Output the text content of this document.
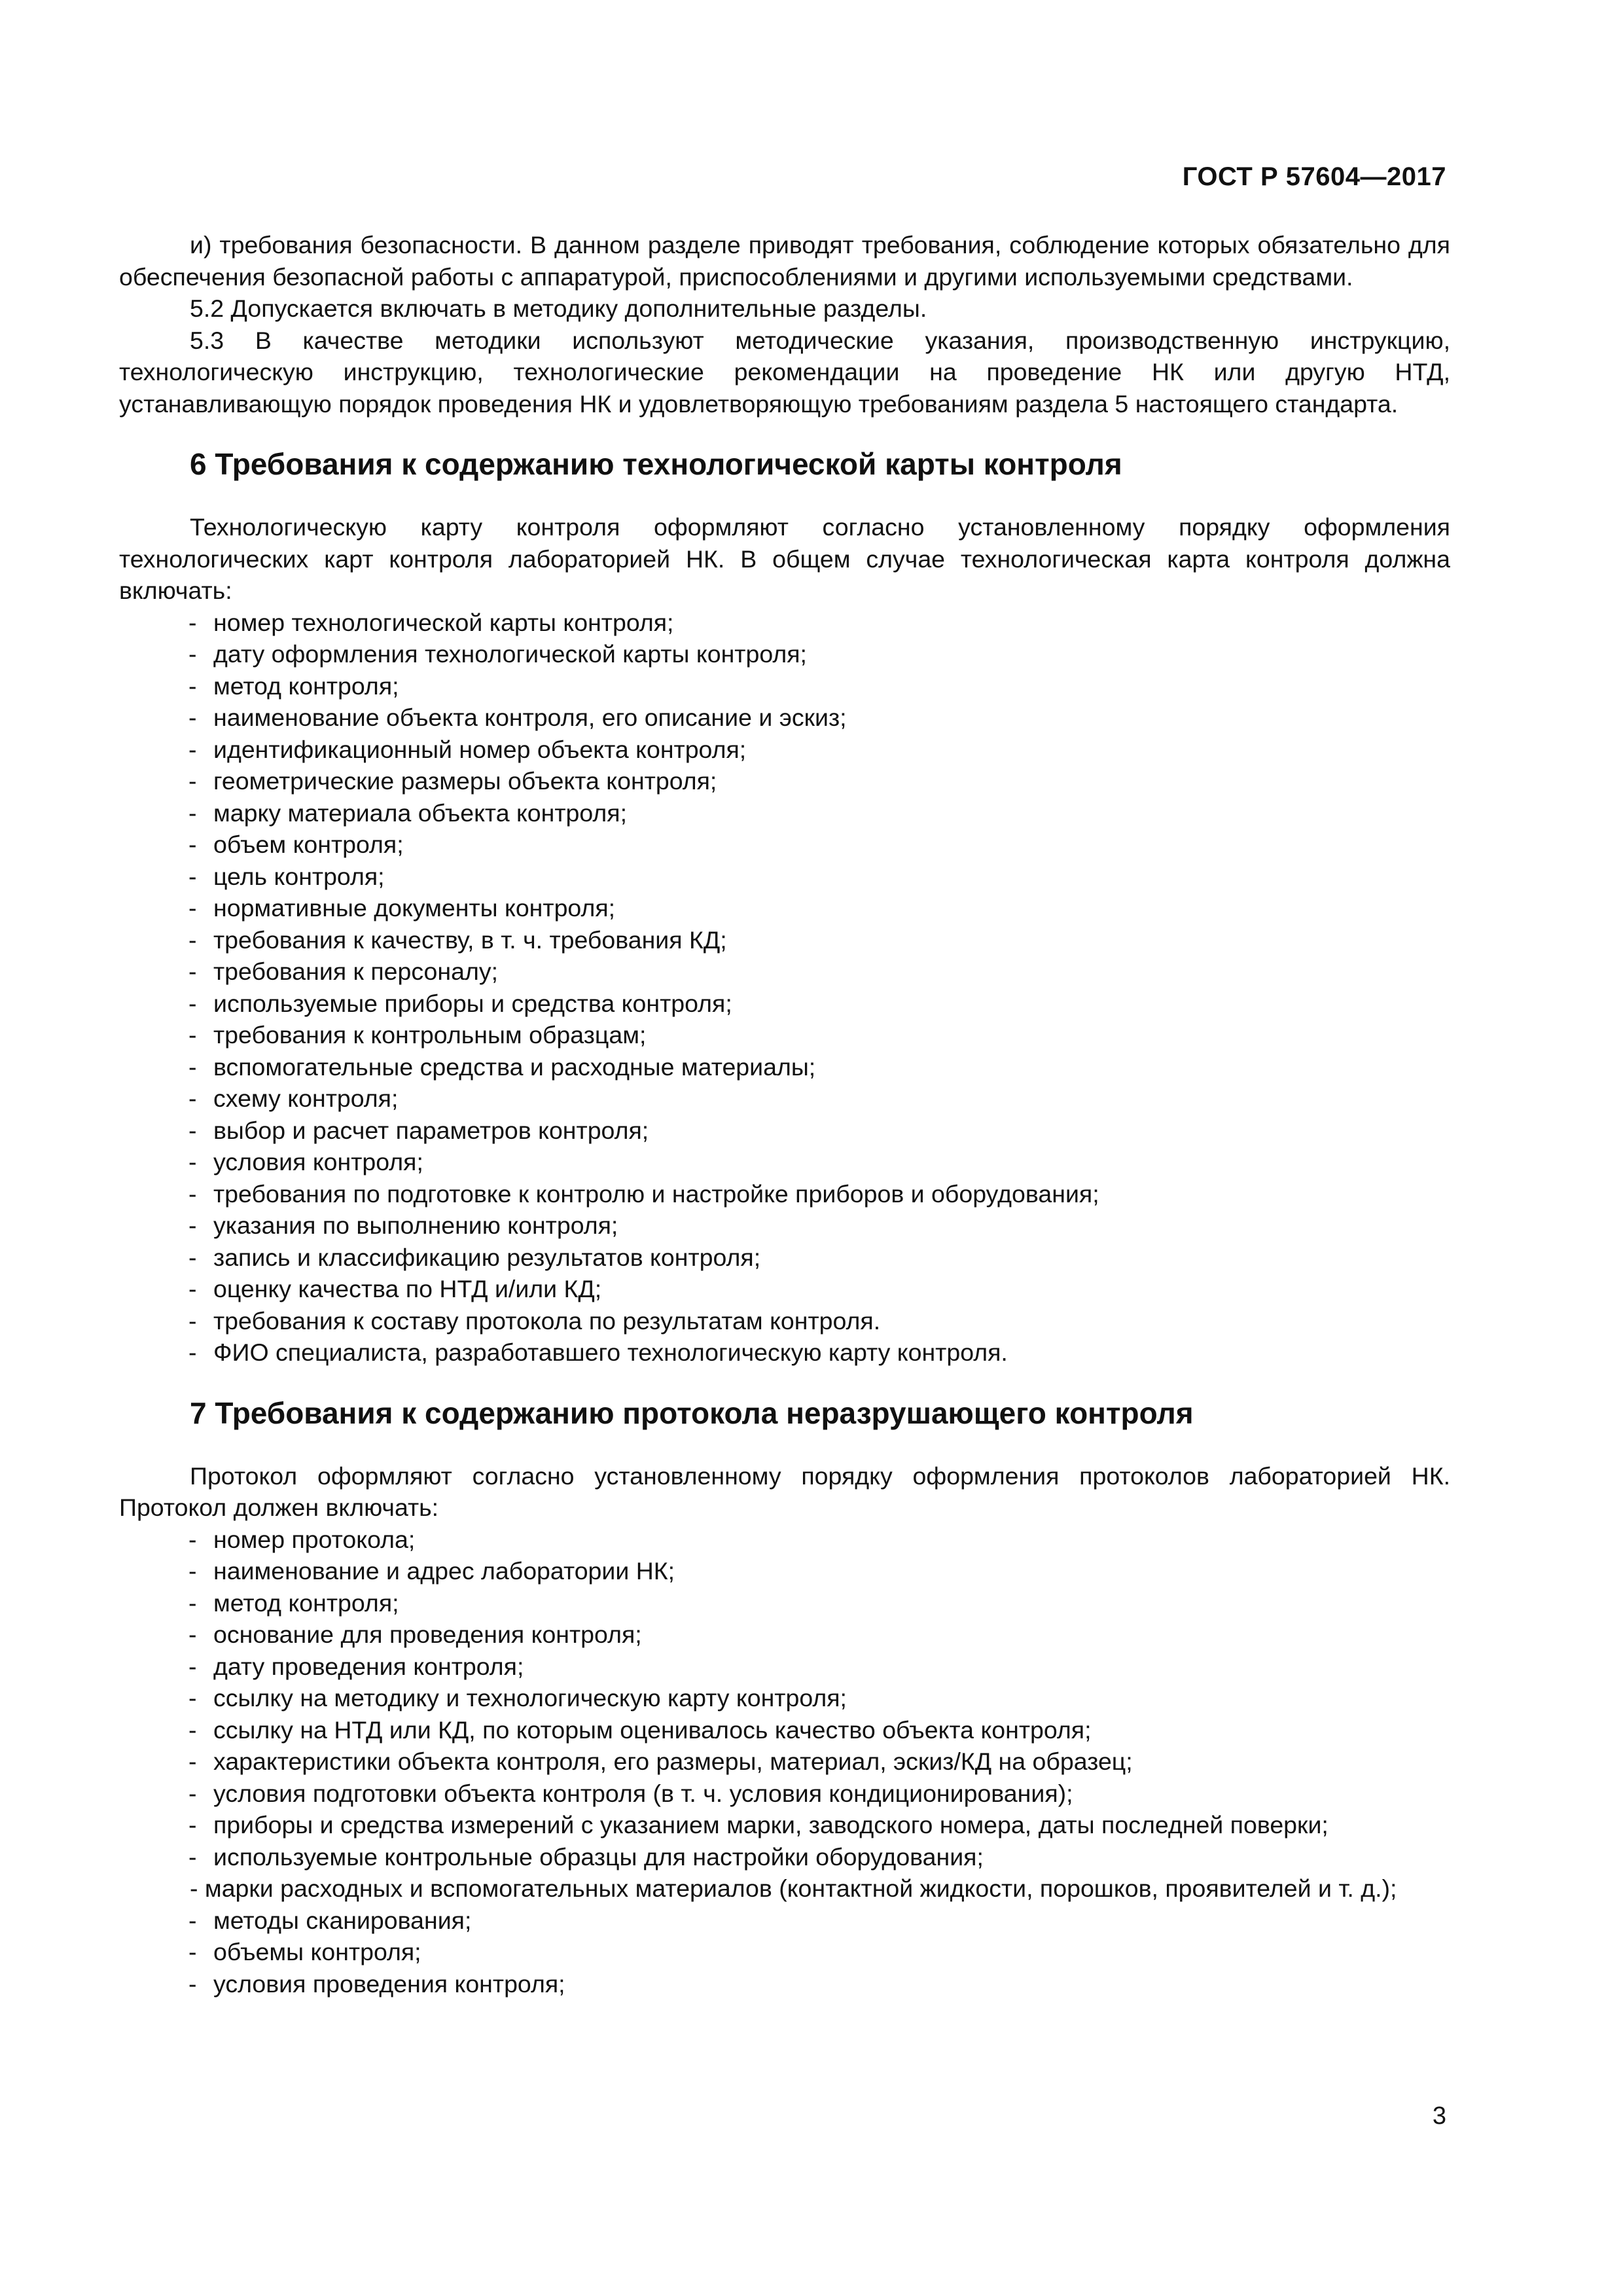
ГОСТ Р 57604—2017

и) требования безопасности. В данном разделе приводят требования, соблюдение которых обязательно для обеспечения безопасной работы с аппаратурой, приспособлениями и другими используемыми средствами.

5.2 Допускается включать в методику дополнительные разделы.

5.3 В качестве методики используют методические указания, производственную инструкцию, технологическую инструкцию, технологические рекомендации на проведение НК или другую НТД, устанавливающую порядок проведения НК и удовлетворяющую требованиям раздела 5 настоящего стандарта.

6 Требования к содержанию технологической карты контроля

Технологическую карту контроля оформляют согласно установленному порядку оформления технологических карт контроля лабораторией НК. В общем случае технологическая карта контроля должна включать:

- номер технологической карты контроля;
- дату оформления технологической карты контроля;
- метод контроля;
- наименование объекта контроля, его описание и эскиз;
- идентификационный номер объекта контроля;
- геометрические размеры объекта контроля;
- марку материала объекта контроля;
- объем контроля;
- цель контроля;
- нормативные документы контроля;
- требования к качеству, в т. ч. требования КД;
- требования к персоналу;
- используемые приборы и средства контроля;
- требования к контрольным образцам;
- вспомогательные средства и расходные материалы;
- схему контроля;
- выбор и расчет параметров контроля;
- условия контроля;
- требования по подготовке к контролю и настройке приборов и оборудования;
- указания по выполнению контроля;
- запись и классификацию результатов контроля;
- оценку качества по НТД и/или КД;
- требования к составу протокола по результатам контроля.
- ФИО специалиста, разработавшего технологическую карту контроля.
7 Требования к содержанию протокола неразрушающего контроля

Протокол оформляют согласно установленному порядку оформления протоколов лабораторией НК. Протокол должен включать:

- номер протокола;
- наименование и адрес лаборатории НК;
- метод контроля;
- основание для проведения контроля;
- дату проведения контроля;
- ссылку на методику и технологическую карту контроля;
- ссылку на НТД или КД, по которым оценивалось качество объекта контроля;
- характеристики объекта контроля, его размеры, материал, эскиз/КД на образец;
- условия подготовки объекта контроля (в т. ч. условия кондиционирования);
- приборы и средства измерений с указанием марки, заводского номера, даты последней поверки;
- используемые контрольные образцы для настройки оборудования;
- марки расходных и вспомогательных материалов (контактной жидкости, порошков, проявителей и т. д.);
- методы сканирования;
- объемы контроля;
- условия проведения контроля;
3
